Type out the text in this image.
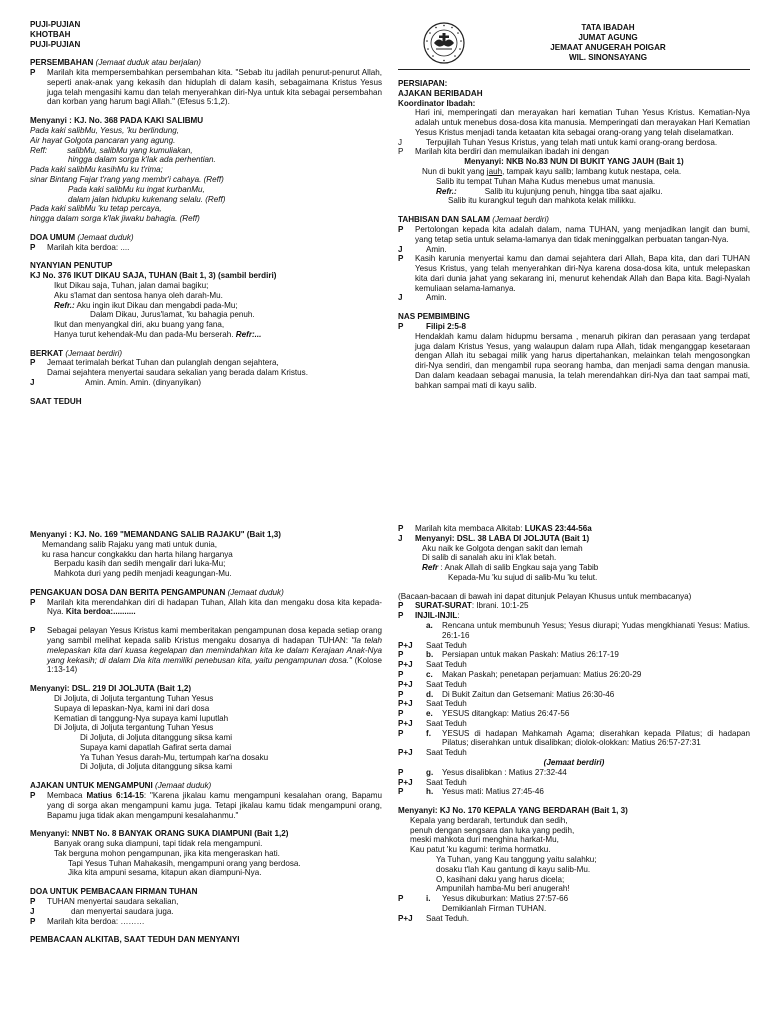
PUJI-PUJIAN
KHOTBAH
PUJI-PUJIAN
PERSEMBAHAN (Jemaat duduk atau berjalan)
P	Marilah kita mempersembahkan persembahan kita. "Sebab itu jadilah penurut-penurut Allah, seperti anak-anak yang kekasih dan hiduplah di dalam kasih, sebagaimana Kristus Yesus juga telah mengasihi kamu dan telah menyerahkan diri-Nya untuk kita sebagai persembahan dan korban yang harum bagi Allah." (Efesus 5:1,2).
Menyanyi : KJ. No. 368 PADA KAKI SALIBMU
Pada kaki salibMu, Yesus, 'ku berlindung,
Air hayat Golgota pancaran yang agung.
Reff: salibMu, salibMu yang kumuliakan,
hingga dalam sorga k'lak ada perhentian.
Pada kaki salibMu kasihMu ku t'rima;
sinar Bintang Fajar t'rang yang membr'i cahaya. (Reff)
Pada kaki salibMu ku ingat kurbanMu,
dalam jalan hidupku kukenang selalu. (Reff)
Pada kaki salibMu 'ku tetap percaya,
hingga dalam sorga k'lak jiwaku bahagia. (Reff)
DOA UMUM (Jemaat duduk)
P	Marilah kita berdoa: ....
NYANYIAN PENUTUP
KJ No. 376 IKUT DIKAU SAJA, TUHAN (Bait 1, 3) (sambil berdiri)
Ikut Dikau saja, Tuhan, jalan damai bagiku;
Aku s'lamat dan sentosa hanya oleh darah-Mu.
Refr.: Aku ingin ikut Dikau dan mengabdi pada-Mu;
Dalam Dikau, Jurus'lamat, 'ku bahagia penuh.
Ikut dan menyangkal diri, aku buang yang fana,
Hanya turut kehendak-Mu dan pada-Mu berserah. Refr:...
BERKAT (Jemaat berdiri)
P	Jemaat terimalah berkat Tuhan dan pulanglah dengan sejahtera,
Damai sejahtera menyertai saudara sekalian yang berada dalam Kristus.
J	Amin. Amin. Amin. (dinyanyikan)
SAAT TEDUH
TATA IBADAH
JUMAT AGUNG
JEMAAT ANUGERAH POIGAR
WIL. SINONSAYANG
PERSIAPAN:
AJAKAN BERIBADAH
Koordinator Ibadah:
Hari ini, memperingati dan merayakan hari kematian Tuhan Yesus Kristus. Kematian-Nya adalah untuk menebus dosa-dosa kita manusia. Memperingati dan merayakan Hari Kematian Yesus Kristus menjadi tanda ketaatan kita sebagai orang-orang yang telah diselamatkan.
J	Terpujilah Tuhan Yesus Kristus, yang telah mati untuk kami orang-orang berdosa.
P	Marilah kita berdiri dan memulaikan ibadah ini dengan
Menyanyi: NKB No.83 NUN DI BUKIT YANG JAUH (Bait 1)
Nun di bukit yang jauh, tampak kayu salib; lambang kutuk nestapa, cela.
Salib itu tempat Tuhan Maha Kudus menebus umat manusia.
Refr.:	Salib itu kujunjung penuh, hingga tiba saat ajalku.
Salib itu kurangkul teguh dan mahkota kelak milikku.
TAHBISAN DAN SALAM (Jemaat berdiri)
P	Pertolongan kepada kita adalah dalam, nama TUHAN, yang menjadikan langit dan bumi, yang tetap setia untuk selama-lamanya dan tidak meninggalkan perbuatan tangan-Nya.
J	Amin.
P	Kasih karunia menyertai kamu dan damai sejahtera dari Allah, Bapa kita, dan dari TUHAN Yesus Kristus, yang telah menyerahkan diri-Nya karena dosa-dosa kita, untuk melepaskan kita dari dunia jahat yang sekarang ini, menurut kehendak Allah dan Bapa kita. Bagi-Nyalah kemuliaan selama-lamanya.
J	Amin.
NAS PEMBIMBING
P	Filipi 2:5-8
Hendaklah kamu dalam hidupmu bersama , menaruh pikiran dan perasaan yang terdapat juga dalam Kristus Yesus, yang walaupun dalam rupa Allah, tidak menganggap kesetaraan dengan Allah itu sebagai milik yang harus dipertahankan, melainkan telah mengosongkan diri-Nya sendiri, dan mengambil rupa seorang hamba, dan menjadi sama dengan manusia. Dan dalam keadaan sebagai manusia, Ia telah merendahkan diri-Nya dan taat sampai mati, bahkan sampai mati di kayu salib.
Menyanyi : KJ. No. 169 "MEMANDANG SALIB RAJAKU" (Bait 1,3)
Memandang salib Rajaku yang mati untuk dunia,
ku rasa hancur congkakku dan harta hilang harganya
Berpadu kasih dan sedih mengalir dari luka-Mu;
Mahkota duri yang pedih menjadi keagungan-Mu.
PENGAKUAN DOSA DAN BERITA PENGAMPUNAN (Jemaat duduk)
P	Marilah kita merendahkan diri di hadapan Tuhan, Allah kita dan mengaku dosa kita kepada-Nya. Kita berdoa:..........
P	Sebagai pelayan Yesus Kristus kami memberitakan pengampunan dosa kepada setiap orang yang sambil melihat kepada salib Kristus mengaku dosanya di hadapan TUHAN: "Ia telah melepaskan kita dari kuasa kegelapan dan memindahkan kita ke dalam Kerajaan Anak-Nya yang kekasih; di dalam Dia kita memiliki penebusan kita, yaitu pengampunan dosa." (Kolose 1:13-14)
Menyanyi: DSL. 219 DI JOLJUTA (Bait 1,2)
Di Joljuta, di Joljuta tergantung Tuhan Yesus
Supaya di lepaskan-Nya, kami ini dari dosa
Kematian di tanggung-Nya supaya kami luputlah
Di Joljuta, di Joljuta tergantung Tuhan Yesus
Di Joljuta, di Joljuta ditanggung siksa kami
Supaya kami dapatlah Gafirat serta damai
Ya Tuhan Yesus darah-Mu, tertumpah kar'na dosaku
Di Joljuta, di Joljuta ditanggung siksa kami
AJAKAN UNTUK MENGAMPUNI (Jemaat duduk)
P	Membaca Matius 6:14-15: "Karena jikalau kamu mengampuni kesalahan orang, Bapamu yang di sorga akan mengampuni kamu juga. Tetapi jikalau kamu tidak mengampuni orang, Bapamu juga tidak akan mengampuni kesalahanmu."
Menyanyi: NNBT No. 8 BANYAK ORANG SUKA DIAMPUNI (Bait 1,2)
Banyak orang suka diampuni, tapi tidak rela mengampuni.
Tak berguna mohon pengampunan, jika kita mengeraskan hati.
Tapi Yesus Tuhan Mahakasih, mengampuni orang yang berdosa.
Jika kita ampuni sesama, kitapun akan diampuni-Nya.
DOA UNTUK PEMBACAAN FIRMAN TUHAN
P	TUHAN menyertai saudara sekalian,
J	dan menyertai saudara juga.
P	Marilah kita berdoa: ………
PEMBACAAN ALKITAB, SAAT TEDUH DAN MENYANYI
P	Marilah kita membaca Alkitab: LUKAS 23:44-56a
J	Menyanyi: DSL. 38 LABA DI JOLJUTA (Bait 1)
Aku naik ke Golgota dengan sakit dan lemah
Di salib di sanalah aku ini k'lak betah.
Refr : Anak Allah di salib Engkau saja yang Tabib
Kepada-Mu 'ku sujud di salib-Mu 'ku telut.
(Bacaan-bacaan di bawah ini dapat ditunjuk Pelayan Khusus untuk membacanya)
P	SURAT-SURAT: Ibrani. 10:1-25
P	INJIL-INJIL:
a.	Rencana untuk membunuh Yesus; Yesus diurapi; Yudas mengkhianati Yesus: Matius. 26:1-16
P+J	Saat Teduh
P	b.	Persiapan untuk makan Paskah: Matius 26:17-19
P+J	Saat Teduh
P	c.	Makan Paskah; penetapan perjamuan: Matius 26:20-29
P+J	Saat Teduh
P	d.	Di Bukit Zaitun dan Getsemani: Matius 26:30-46
P+J	Saat Teduh
P	e.	YESUS ditangkap: Matius 26:47-56
P+J	Saat Teduh
P	f.	YESUS di hadapan Mahkamah Agama; diserahkan kepada Pilatus; di hadapan Pilatus; diserahkan untuk disalibkan; diolok-olokkan: Matius 26:57-27:31
P+J	Saat Teduh
(Jemaat berdiri)
P	g.	Yesus disalibkan : Matius 27:32-44
P+J	Saat Teduh
P	h.	Yesus mati: Matius 27:45-46
Menyanyi: KJ No. 170 KEPALA YANG BERDARAH (Bait 1, 3)
Kepala yang berdarah, tertunduk dan sedih,
penuh dengan sengsara dan luka yang pedih,
meski mahkota duri menghina harkat-Mu,
Kau patut 'ku kagumi: terima hormatku.
Ya Tuhan, yang Kau tanggung yaitu salahku;
dosaku t'lah Kau gantung di kayu salib-Mu.
O, kasihani daku yang harus dicela;
Ampunilah hamba-Mu beri anugerah!
P	i.	Yesus dikuburkan: Matius 27:57-66
Demikianlah Firman TUHAN.
P+J	Saat Teduh.
